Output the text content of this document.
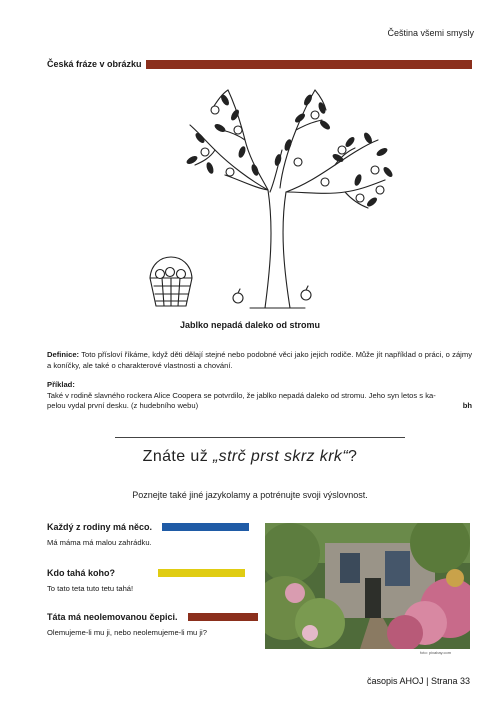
Čeština všemi smysly
Česká fráze v obrázku
Jablko nepadá daleko od stromu
Definice: Toto přísloví říkáme, když děti dělají stejné nebo podobné věci jako jejich rodiče. Může jít například o práci, o zájmy a koníčky, ale také o charakterové vlastnosti a chování.
Příklad:
Také v rodině slavného rockera Alice Coopera se potvrdilo, že jablko nepadá daleko od stromu. Jeho syn letos s ka-
pelou vydal první desku. (z hudebního webu)	bh
Znáte už „strč prst skrz krk“?
Poznejte také jiné jazykolamy a potrénujte svoji výslovnost.
Každý z rodiny má něco.
Má máma má malou zahrádku.
Kdo tahá koho?
To tato teta tuto tetu tahá!
Táta má neolemovanou čepici.
Olemujeme-li mu ji, nebo neolemujeme-li mu ji?
foto: pixabay.com
časopis AHOJ | Strana 33
